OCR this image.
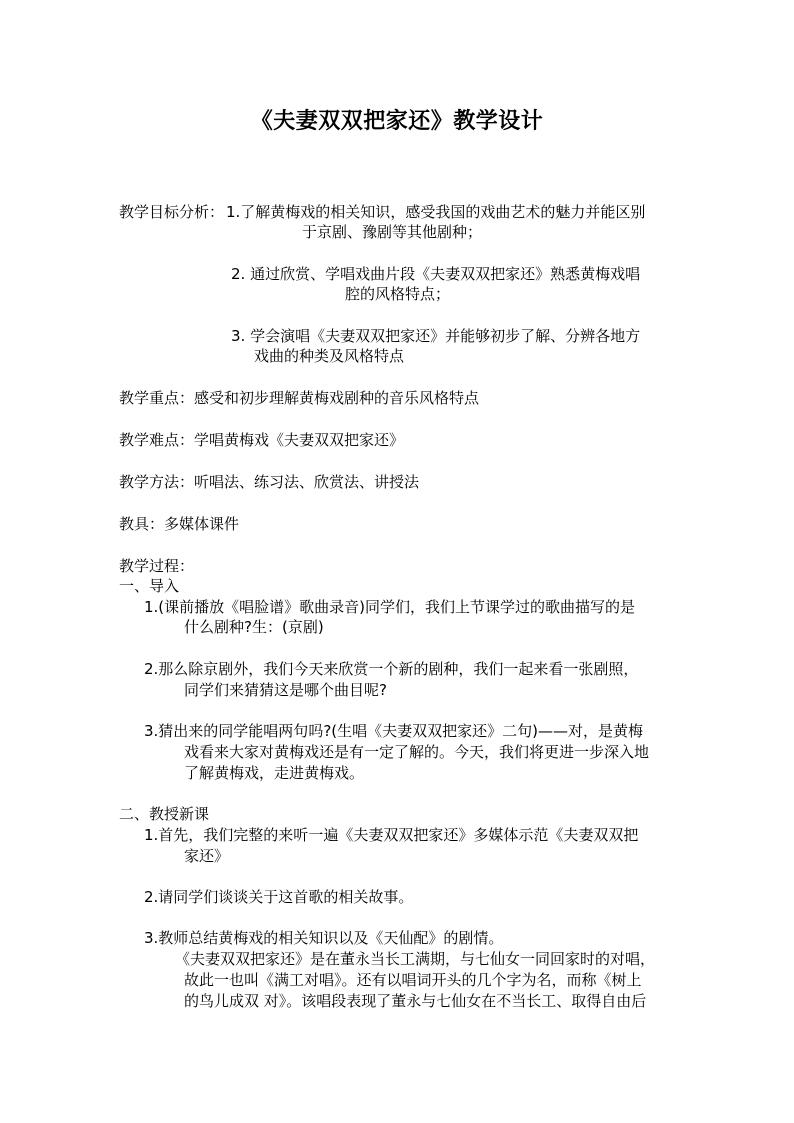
《夫妻双双把家还》教学设计
教学目标分析： 1.了解黄梅戏的相关知识，感受我国的戏曲艺术的魅力并能区别
于京剧、豫剧等其他剧种；
2. 通过欣赏、学唱戏曲片段《夫妻双双把家还》熟悉黄梅戏唱
腔的风格特点；
3. 学会演唱《夫妻双双把家还》并能够初步了解、分辨各地方
戏曲的种类及风格特点
教学重点：感受和初步理解黄梅戏剧种的音乐风格特点
教学难点：学唱黄梅戏《夫妻双双把家还》
教学方法：听唱法、练习法、欣赏法、讲授法
教具：多媒体课件
教学过程：
一、导入
1.(课前播放《唱脸谱》歌曲录音)同学们，我们上节课学过的歌曲描写的是
什么剧种?生：(京剧)
2.那么除京剧外，我们今天来欣赏一个新的剧种，我们一起来看一张剧照，
同学们来猜猜这是哪个曲目呢?
3.猜出来的同学能唱两句吗?(生唱《夫妻双双把家还》二句)——对，是黄梅
戏看来大家对黄梅戏还是有一定了解的。今天，我们将更进一步深入地
了解黄梅戏，走进黄梅戏。
二、教授新课
1.首先，我们完整的来听一遍《夫妻双双把家还》多媒体示范《夫妻双双把
家还》
2.请同学们谈谈关于这首歌的相关故事。
3.教师总结黄梅戏的相关知识以及《天仙配》的剧情。
《夫妻双双把家还》是在董永当长工满期，与七仙女一同回家时的对唱，
故此一也叫《满工对唱》。还有以唱词开头的几个字为名，而称《树上
的鸟儿成双 对》。该唱段表现了董永与七仙女在不当长工、取得自由后
